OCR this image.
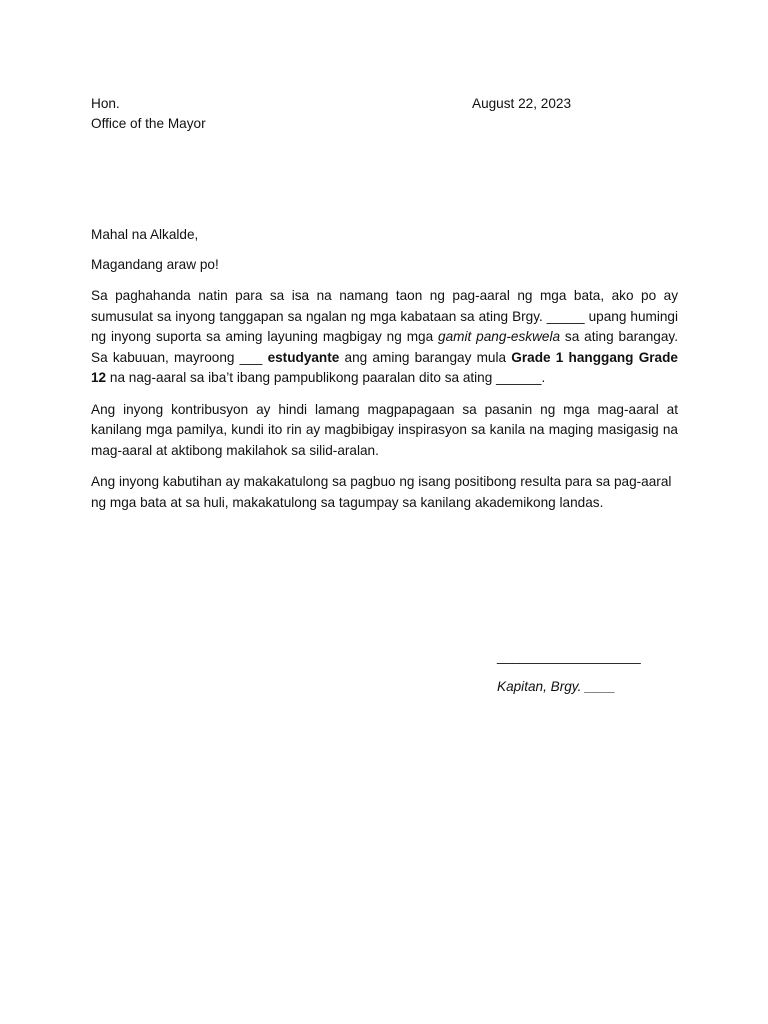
Hon.
Office of the Mayor
August 22, 2023
Mahal na Alkalde,
Magandang araw po!

Sa paghahanda natin para sa isa na namang taon ng pag-aaral ng mga bata, ako po ay sumusulat sa inyong tanggapan sa ngalan ng mga kabataan sa ating Brgy. _____ upang humingi ng inyong suporta sa aming layuning magbigay ng mga gamit pang-eskwela sa ating barangay. Sa kabuuan, mayroong ___ estudyante ang aming barangay mula Grade 1 hanggang Grade 12 na nag-aaral sa iba’t ibang pampublikong paaralan dito sa ating ______.

Ang inyong kontribusyon ay hindi lamang magpapagaan sa pasanin ng mga mag-aaral at kanilang mga pamilya, kundi ito rin ay magbibigay inspirasyon sa kanila na maging masigasig na mag-aaral at aktibong makilahok sa silid-aralan.

Ang inyong kabutihan ay makakatulong sa pagbuo ng isang positibong resulta para sa pag-aaral ng mga bata at sa huli, makakatulong sa tagumpay sa kanilang akademikong landas.

___________________
Kapitan, Brgy. ____
